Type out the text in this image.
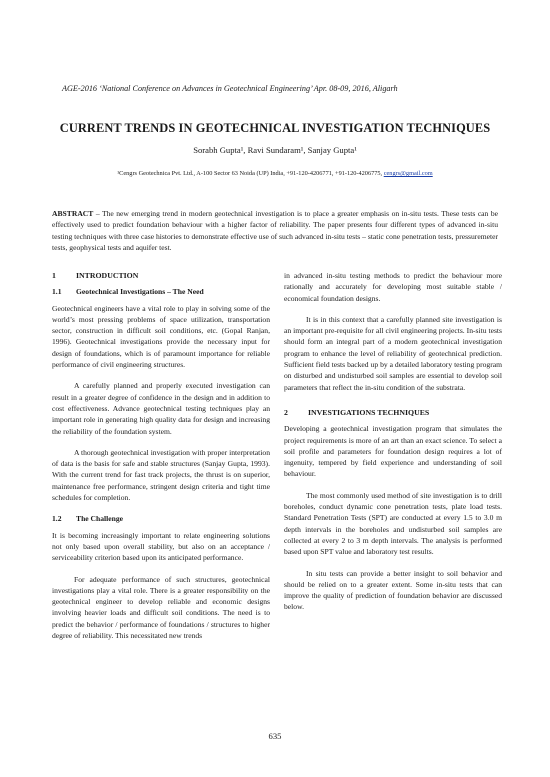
AGE-2016 ‘National Conference on Advances in Geotechnical Engineering’ Apr. 08-09, 2016, Aligarh
CURRENT TRENDS IN GEOTECHNICAL INVESTIGATION TECHNIQUES
Sorabh Gupta¹, Ravi Sundaram¹, Sanjay Gupta¹
¹Cengrs Geotechnica Pvt. Ltd., A-100 Sector 63 Noida (UP) India, +91-120-4206771, +91-120-4206775, cengrs@gmail.com
ABSTRACT – The new emerging trend in modern geotechnical investigation is to place a greater emphasis on in-situ tests. These tests can be effectively used to predict foundation behaviour with a higher factor of reliability. The paper presents four different types of advanced in-situ testing techniques with three case histories to demonstrate effective use of such advanced in-situ tests – static cone penetration tests, pressuremeter tests, geophysical tests and aquifer test.
1	INTRODUCTION
1.1 Geotechnical Investigations – The Need

Geotechnical engineers have a vital role to play in solving some of the world’s most pressing problems of space utilization, transportation sector, construction in difficult soil conditions, etc. (Gopal Ranjan, 1996). Geotechnical investigations provide the necessary input for design of foundations, which is of paramount importance for reliable performance of civil engineering structures.

A carefully planned and properly executed investigation can result in a greater degree of confidence in the design and in addition to cost effectiveness. Advance geotechnical testing techniques play an important role in generating high quality data for design and increasing the reliability of the foundation system.

A thorough geotechnical investigation with proper interpretation of data is the basis for safe and stable structures (Sanjay Gupta, 1993). With the current trend for fast track projects, the thrust is on superior, maintenance free performance, stringent design criteria and tight time schedules for completion.

1.2 The Challenge

It is becoming increasingly important to relate engineering solutions not only based upon overall stability, but also on an acceptance / serviceability criterion based upon its anticipated performance.

For adequate performance of such structures, geotechnical investigations play a vital role. There is a greater responsibility on the geotechnical engineer to develop reliable and economic designs involving heavier loads and difficult soil conditions. The need is to predict the behavior / performance of foundations / structures to higher degree of reliability. This necessitated new trends

in advanced in-situ testing methods to predict the behaviour more rationally and accurately for developing most suitable stable / economical foundation designs.

It is in this context that a carefully planned site investigation is an important pre-requisite for all civil engineering projects. In-situ tests should form an integral part of a modern geotechnical investigation program to enhance the level of reliability of geotechnical prediction. Sufficient field tests backed up by a detailed laboratory testing program on disturbed and undisturbed soil samples are essential to develop soil parameters that reflect the in-situ condition of the substrata.

2	INVESTIGATIONS TECHNIQUES

Developing a geotechnical investigation program that simulates the project requirements is more of an art than an exact science. To select a soil profile and parameters for foundation design requires a lot of ingenuity, tempered by field experience and understanding of soil behaviour.

The most commonly used method of site investigation is to drill boreholes, conduct dynamic cone penetration tests, plate load tests. Standard Penetration Tests (SPT) are conducted at every 1.5 to 3.0 m depth intervals in the boreholes and undisturbed soil samples are collected at every 2 to 3 m depth intervals. The analysis is performed based upon SPT value and laboratory test results.

In situ tests can provide a better insight to soil behavior and should be relied on to a greater extent. Some in-situ tests that can improve the quality of prediction of foundation behavior are discussed below.

635
